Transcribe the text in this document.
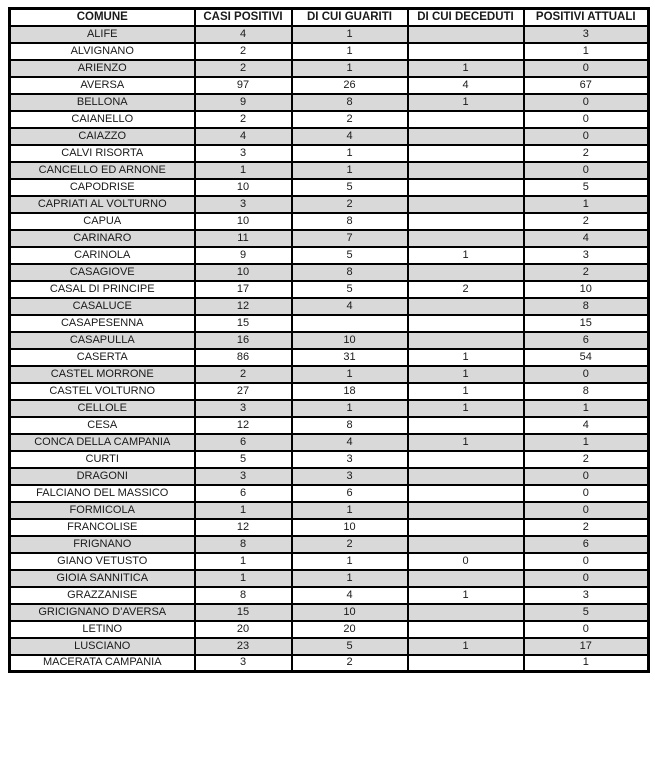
COMUNE	CASI POSITIVI	DI CUI GUARITI	DI CUI DECEDUTI	POSITIVI ATTUALI
ALIFE	4	1		3
ALVIGNANO	2	1		1
ARIENZO	2	1	1	0
AVERSA	97	26	4	67
BELLONA	9	8	1	0
CAIANELLO	2	2		0
CAIAZZO	4	4		0
CALVI RISORTA	3	1		2
CANCELLO ED ARNONE	1	1		0
CAPODRISE	10	5		5
CAPRIATI AL VOLTURNO	3	2		1
CAPUA	10	8		2
CARINARO	11	7		4
CARINOLA	9	5	1	3
CASAGIOVE	10	8		2
CASAL DI PRINCIPE	17	5	2	10
CASALUCE	12	4		8
CASAPESENNA	15			15
CASAPULLA	16	10		6
CASERTA	86	31	1	54
CASTEL MORRONE	2	1	1	0
CASTEL VOLTURNO	27	18	1	8
CELLOLE	3	1	1	1
CESA	12	8		4
CONCA DELLA CAMPANIA	6	4	1	1
CURTI	5	3		2
DRAGONI	3	3		0
FALCIANO DEL MASSICO	6	6		0
FORMICOLA	1	1		0
FRANCOLISE	12	10		2
FRIGNANO	8	2		6
GIANO VETUSTO	1	1	0	0
GIOIA SANNITICA	1	1		0
GRAZZANISE	8	4	1	3
GRICIGNANO D'AVERSA	15	10		5
LETINO	20	20		0
LUSCIANO	23	5	1	17
MACERATA CAMPANIA	3	2		1
